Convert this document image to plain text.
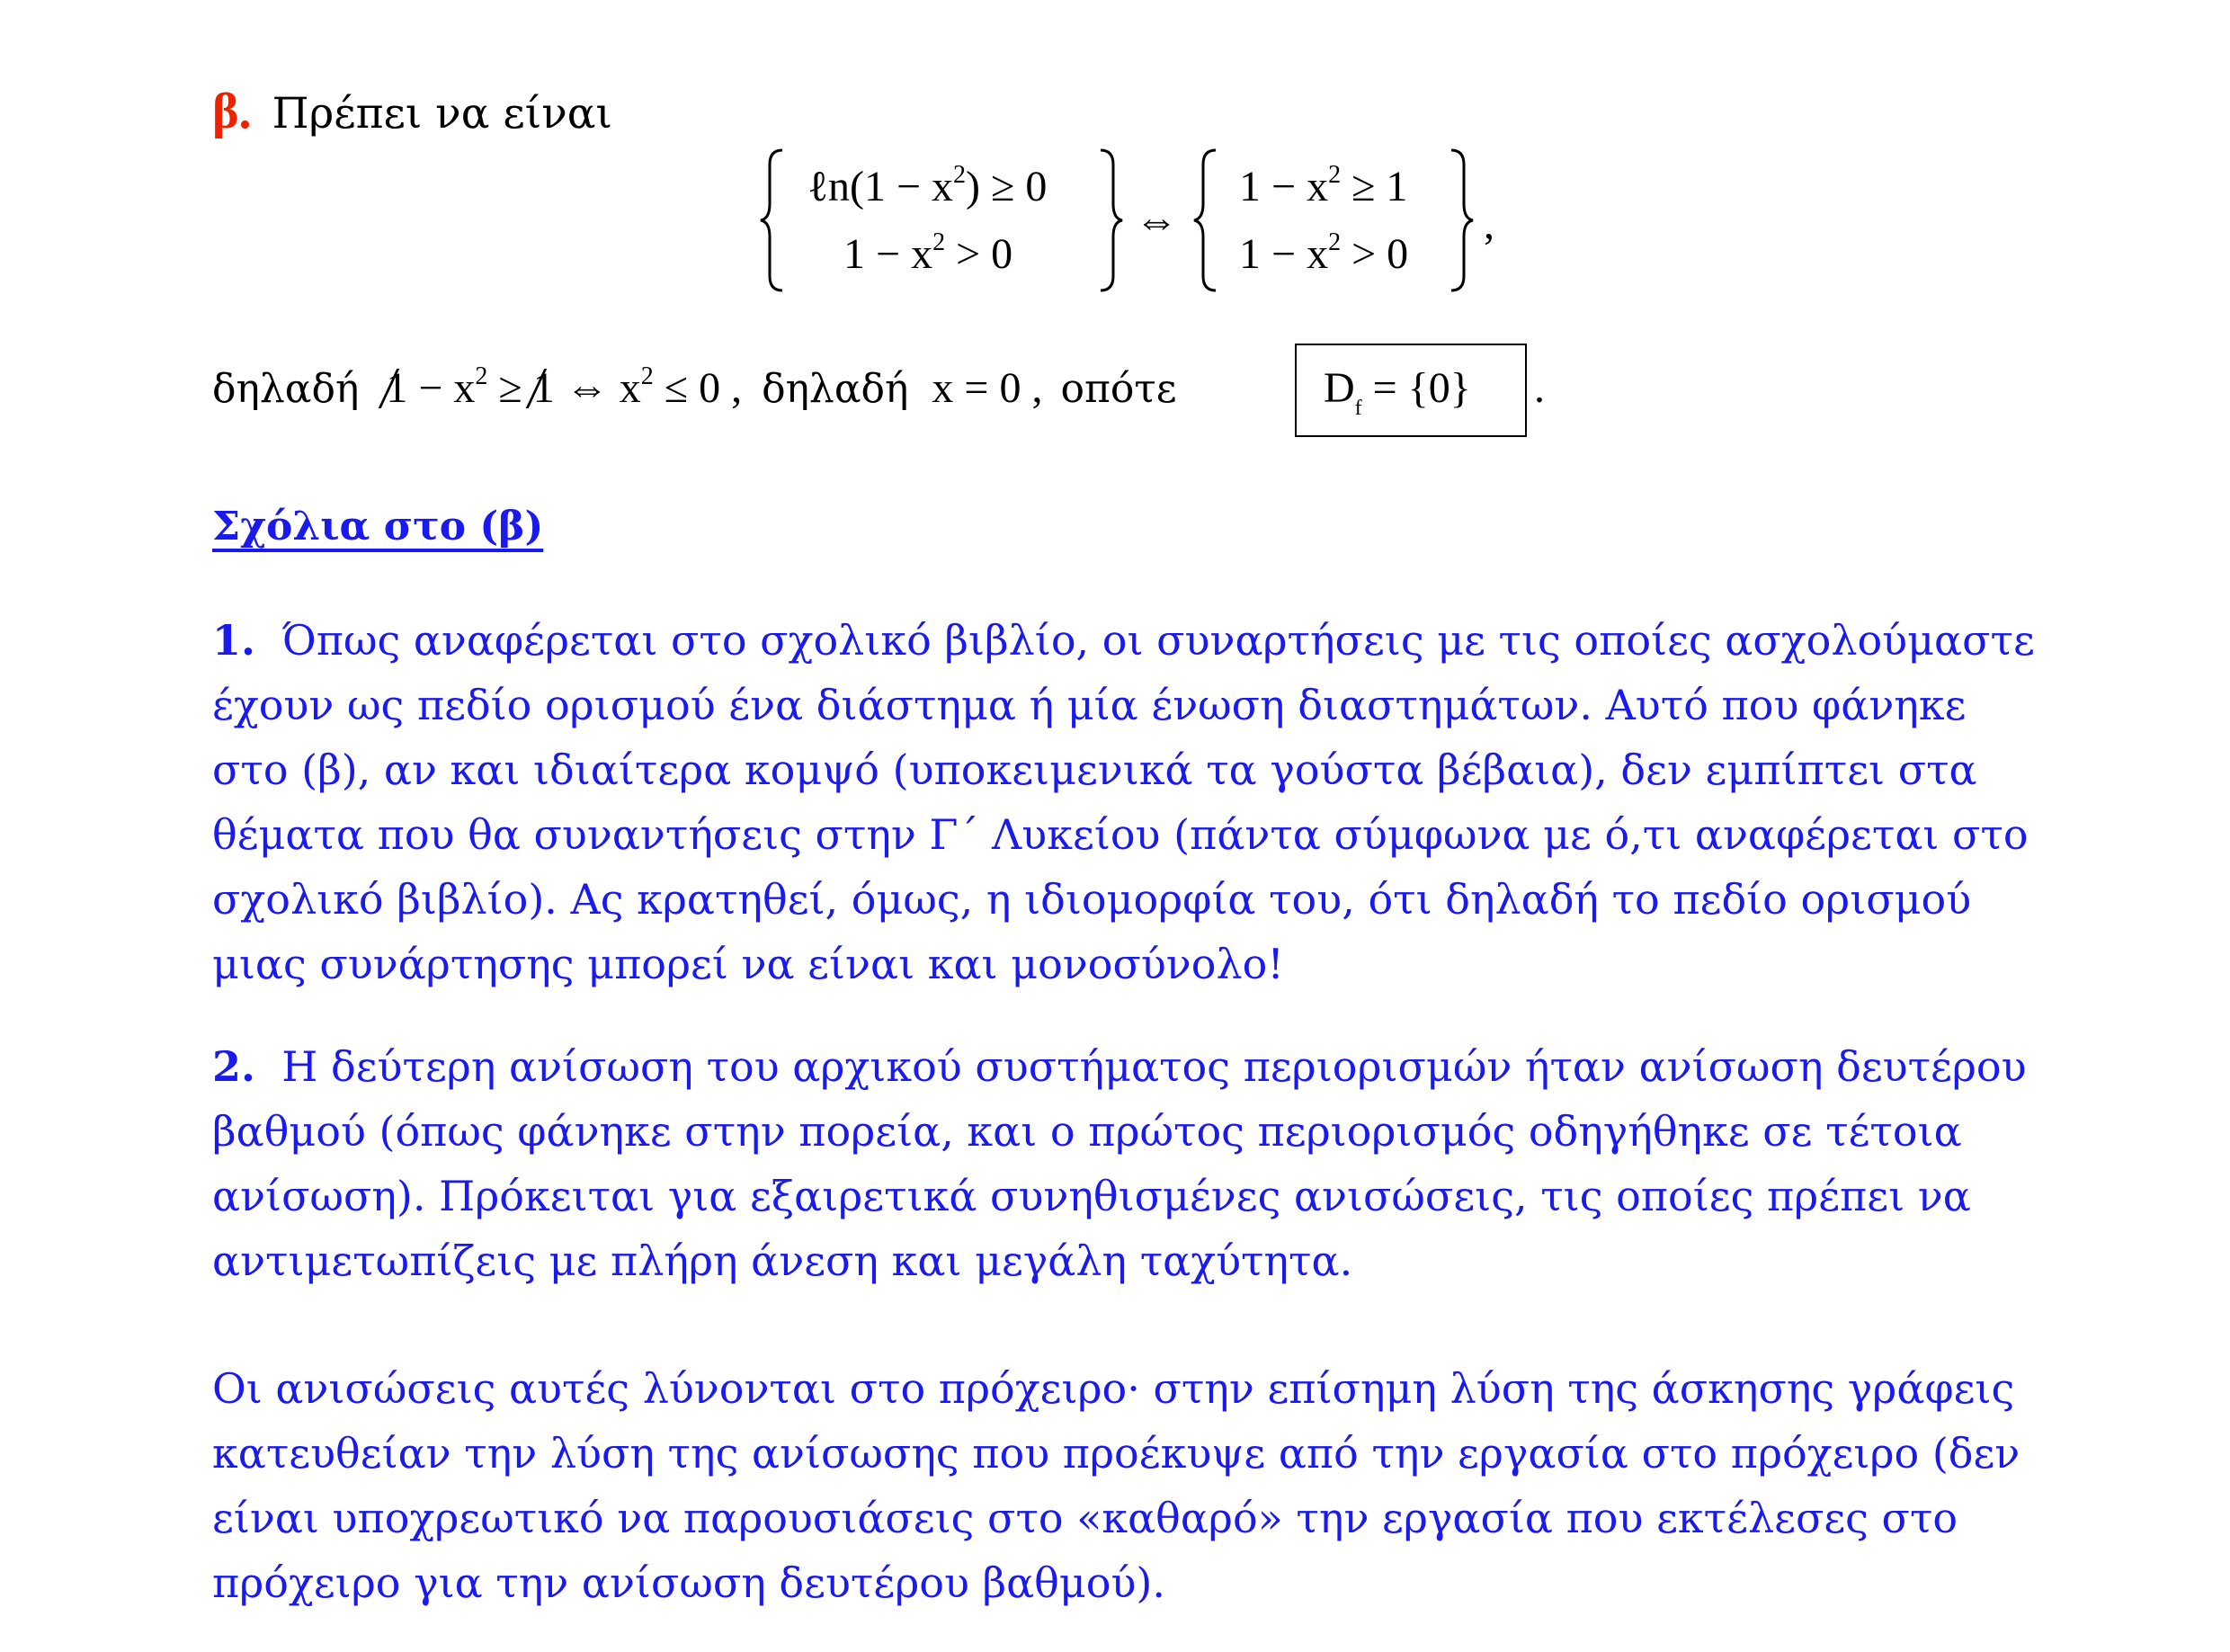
β. Πρέπει να είναι
ℓn(1 − $x^2) \ge 0$
$1 - x^2 > 0$
⇔
$1 - x^2 \ge 1$
$1 - x^2 > 0$
,
δηλαδή $1 - x^2 \ge 1$ ⇔ $x^2 \le 0$ , δηλαδή x = 0 , οπότε	$D_f = \{0\}$ .
Σχόλια στο (β)
1. Όπως αναφέρεται στο σχολικό βιβλίο, οι συναρτήσεις με τις οποίες ασχολούμαστε
έχουν ως πεδίο ορισμού ένα διάστημα ή μία ένωση διαστημάτων. Αυτό που φάνηκε
στο (β), αν και ιδιαίτερα κομψό (υποκειμενικά τα γούστα βέβαια), δεν εμπίπτει στα
θέματα που θα συναντήσεις στην Γ΄ Λυκείου (πάντα σύμφωνα με ό,τι αναφέρεται στο
σχολικό βιβλίο). Ας κρατηθεί, όμως, η ιδιομορφία του, ότι δηλαδή το πεδίο ορισμού
μιας συνάρτησης μπορεί να είναι και μονοσύνολο!
2. Η δεύτερη ανίσωση του αρχικού συστήματος περιορισμών ήταν ανίσωση δευτέρου
βαθμού (όπως φάνηκε στην πορεία, και ο πρώτος περιορισμός οδηγήθηκε σε τέτοια
ανίσωση). Πρόκειται για εξαιρετικά συνηθισμένες ανισώσεις, τις οποίες πρέπει να
αντιμετωπίζεις με πλήρη άνεση και μεγάλη ταχύτητα.
Οι ανισώσεις αυτές λύνονται στο πρόχειρο· στην επίσημη λύση της άσκησης γράφεις
κατευθείαν την λύση της ανίσωσης που προέκυψε από την εργασία στο πρόχειρο (δεν
είναι υποχρεωτικό να παρουσιάσεις στο «καθαρό» την εργασία που εκτέλεσες στο
πρόχειρο για την ανίσωση δευτέρου βαθμού).
